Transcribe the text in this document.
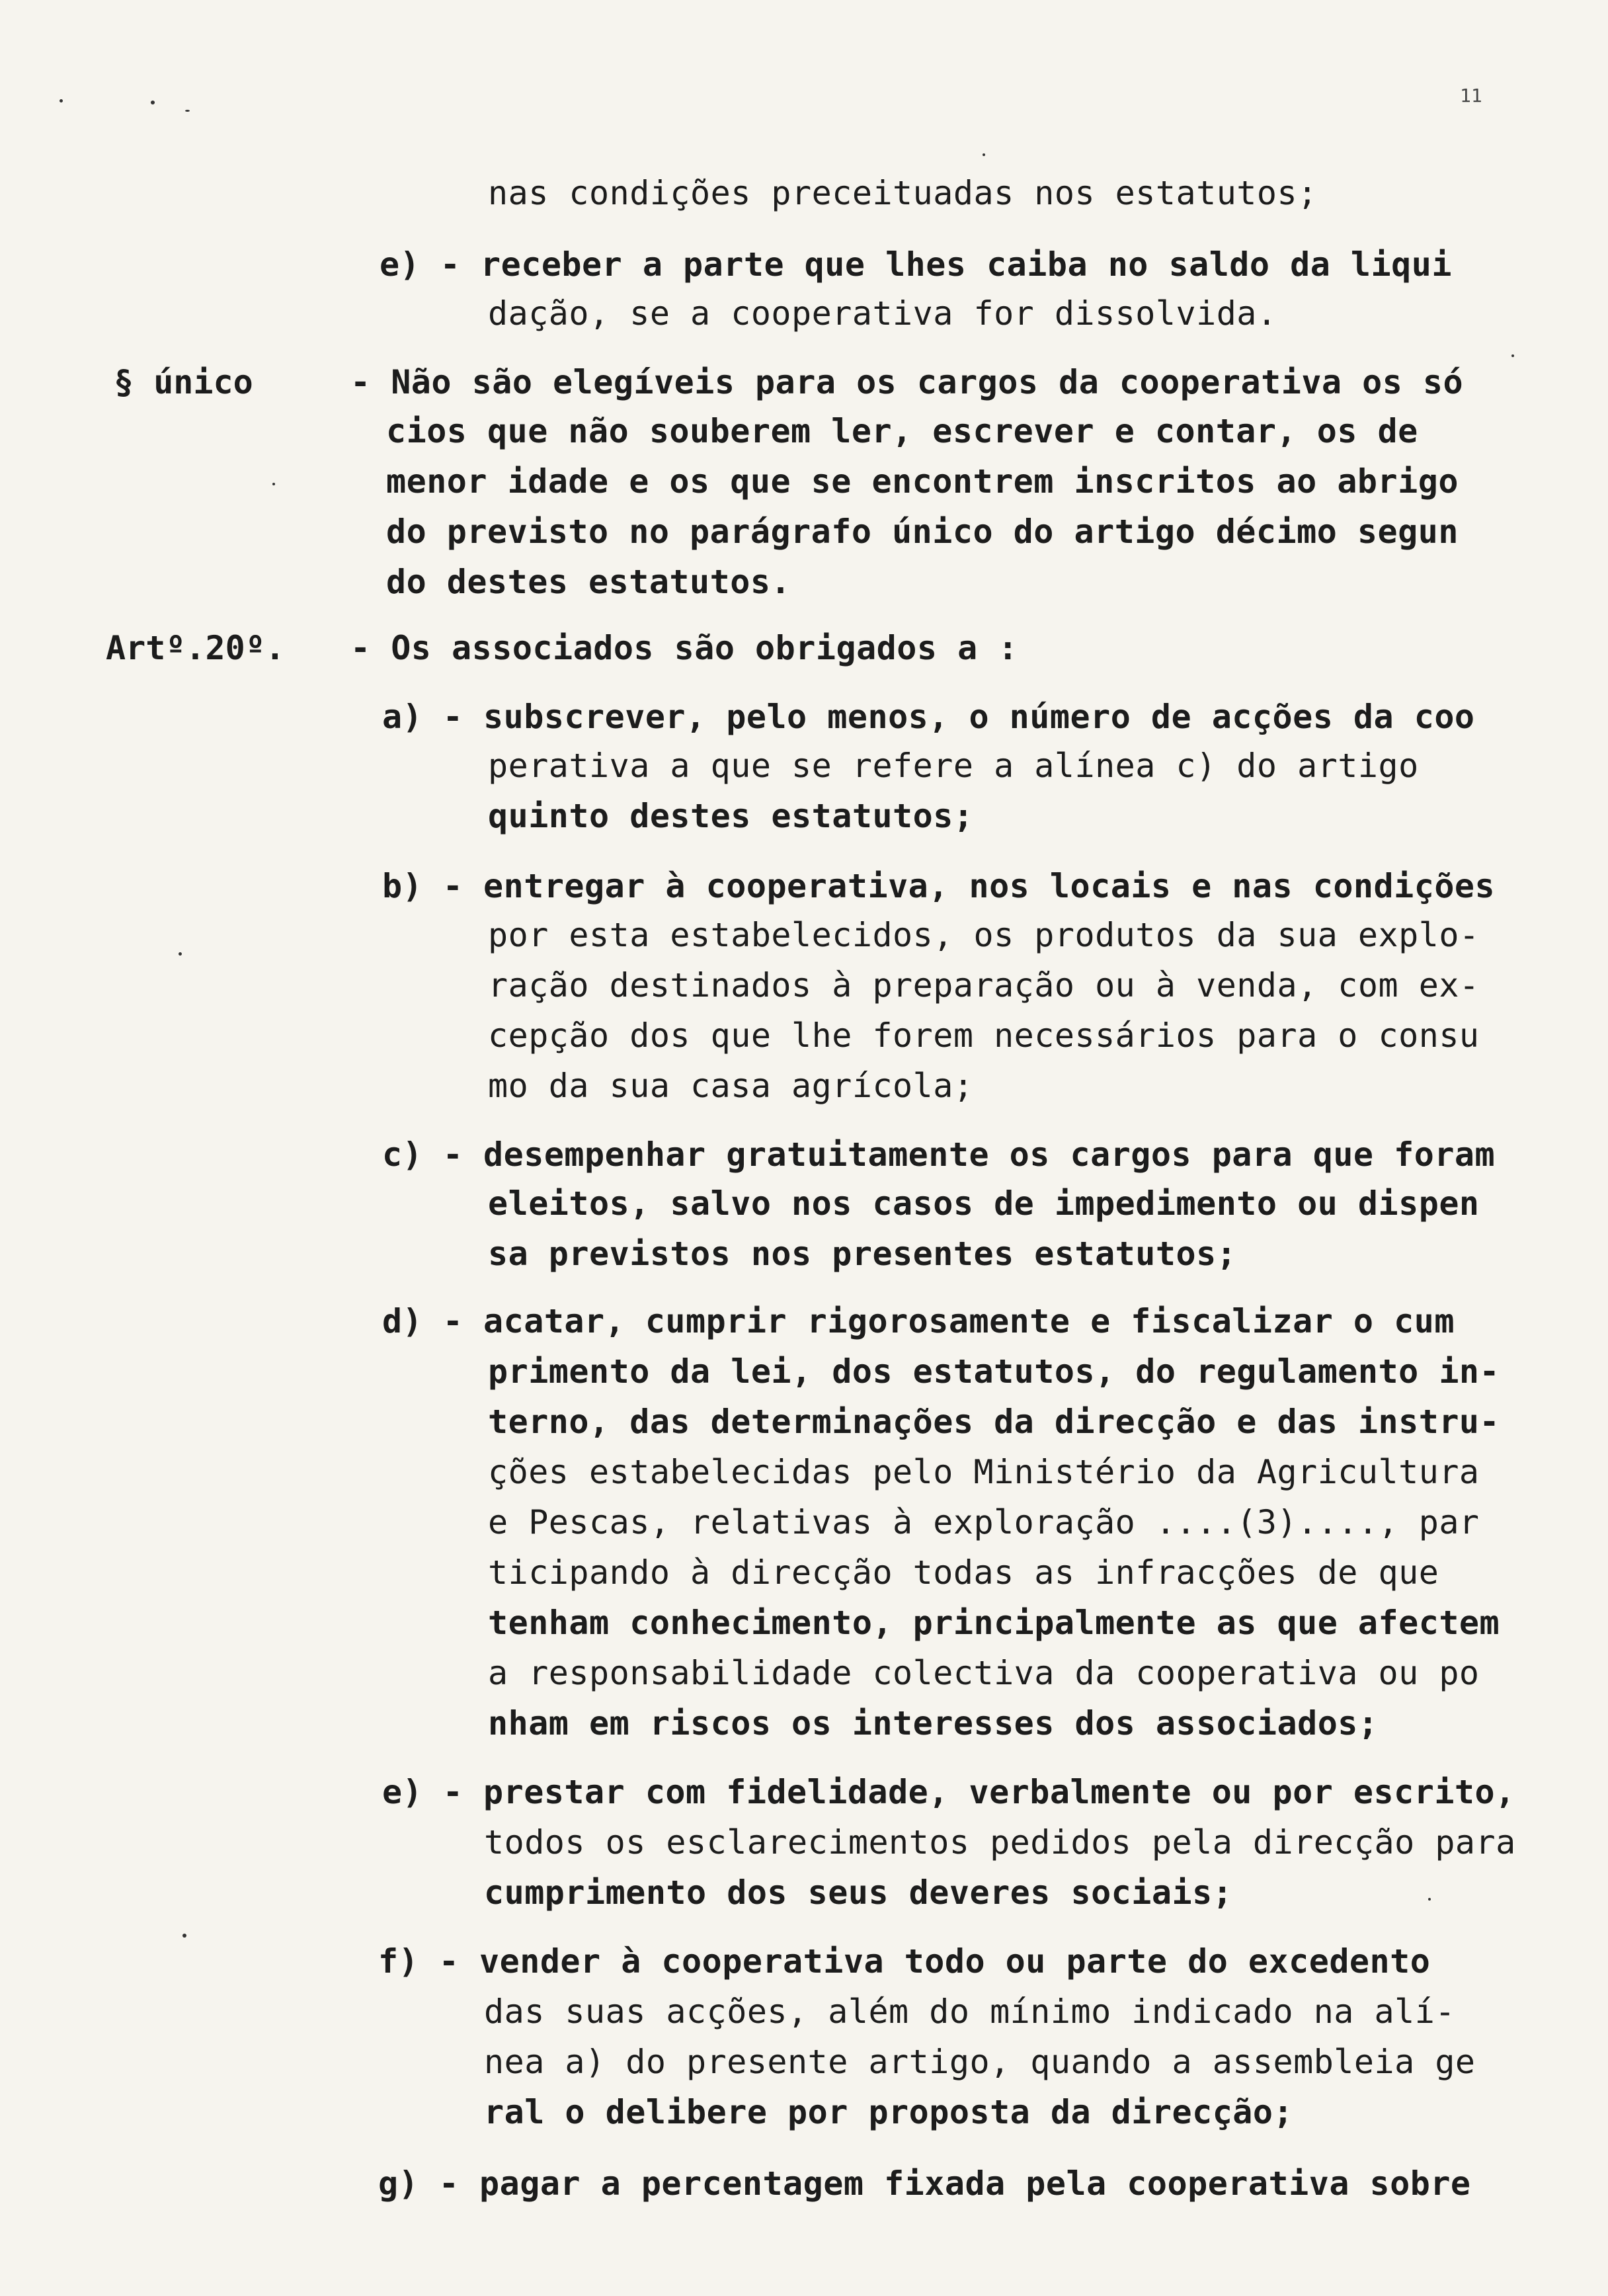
11
§ único
Artº.20º.
nas condições preceituadas nos estatutos;
e) - receber a parte que lhes caiba no saldo da liqui
dação, se a cooperativa for dissolvida.
- Não são elegíveis para os cargos da cooperativa os só
cios que não souberem ler, escrever e contar, os de
menor idade e os que se encontrem inscritos ao abrigo
do previsto no parágrafo único do artigo décimo segun
do destes estatutos.
- Os associados são obrigados a :
a) - subscrever, pelo menos, o número de acções da coo
perativa a que se refere a alínea c) do artigo
quinto destes estatutos;
b) - entregar à cooperativa, nos locais e nas condições
por esta estabelecidos, os produtos da sua explo-
ração destinados à preparação ou à venda, com ex-
cepção dos que lhe forem necessários para o consu
mo da sua casa agrícola;
c) - desempenhar gratuitamente os cargos para que foram
eleitos, salvo nos casos de impedimento ou dispen
sa previstos nos presentes estatutos;
d) - acatar, cumprir rigorosamente e fiscalizar o cum
primento da lei, dos estatutos, do regulamento in-
terno, das determinações da direcção e das instru-
ções estabelecidas pelo Ministério da Agricultura
e Pescas, relativas à exploração ....(3)...., par
ticipando à direcção todas as infracções de que
tenham conhecimento, principalmente as que afectem
a responsabilidade colectiva da cooperativa ou po
nham em riscos os interesses dos associados;
e) - prestar com fidelidade, verbalmente ou por escrito,
todos os esclarecimentos pedidos pela direcção para
cumprimento dos seus deveres sociais;
f) - vender à cooperativa todo ou parte do excedento
das suas acções, além do mínimo indicado na alí-
nea a) do presente artigo, quando a assembleia ge
ral o delibere por proposta da direcção;
g) - pagar a percentagem fixada pela cooperativa sobre
